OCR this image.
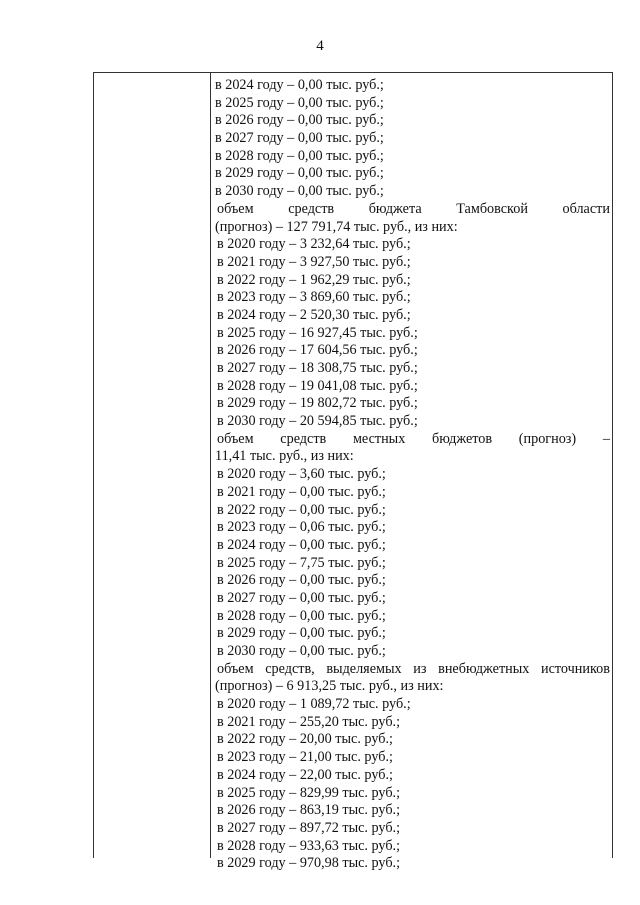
4
в 2024 году – 0,00 тыс. руб.;
в 2025 году – 0,00 тыс. руб.;
в 2026 году – 0,00 тыс. руб.;
в 2027 году – 0,00 тыс. руб.;
в 2028 году – 0,00 тыс. руб.;
в 2029 году – 0,00 тыс. руб.;
в 2030 году – 0,00 тыс. руб.;
объем средств бюджета Тамбовской области
(прогноз) – 127 791,74 тыс. руб., из них:
в 2020 году – 3 232,64 тыс. руб.;
в 2021 году – 3 927,50 тыс. руб.;
в 2022 году – 1 962,29 тыс. руб.;
в 2023 году – 3 869,60 тыс. руб.;
в 2024 году – 2 520,30 тыс. руб.;
в 2025 году – 16 927,45 тыс. руб.;
в 2026 году – 17 604,56 тыс. руб.;
в 2027 году – 18 308,75 тыс. руб.;
в 2028 году – 19 041,08 тыс. руб.;
в 2029 году – 19 802,72 тыс. руб.;
в 2030 году – 20 594,85 тыс. руб.;
объем средств местных бюджетов (прогноз) –
11,41 тыс. руб., из них:
в 2020 году – 3,60 тыс. руб.;
в 2021 году – 0,00 тыс. руб.;
в 2022 году – 0,00 тыс. руб.;
в 2023 году – 0,06 тыс. руб.;
в 2024 году – 0,00 тыс. руб.;
в 2025 году – 7,75 тыс. руб.;
в 2026 году – 0,00 тыс. руб.;
в 2027 году – 0,00 тыс. руб.;
в 2028 году – 0,00 тыс. руб.;
в 2029 году – 0,00 тыс. руб.;
в 2030 году – 0,00 тыс. руб.;
объем средств, выделяемых из внебюджетных источников
(прогноз) – 6 913,25 тыс. руб., из них:
в 2020 году – 1 089,72 тыс. руб.;
в 2021 году – 255,20 тыс. руб.;
в 2022 году – 20,00 тыс. руб.;
в 2023 году – 21,00 тыс. руб.;
в 2024 году – 22,00 тыс. руб.;
в 2025 году – 829,99 тыс. руб.;
в 2026 году – 863,19 тыс. руб.;
в 2027 году – 897,72 тыс. руб.;
в 2028 году – 933,63 тыс. руб.;
в 2029 году – 970,98 тыс. руб.;
